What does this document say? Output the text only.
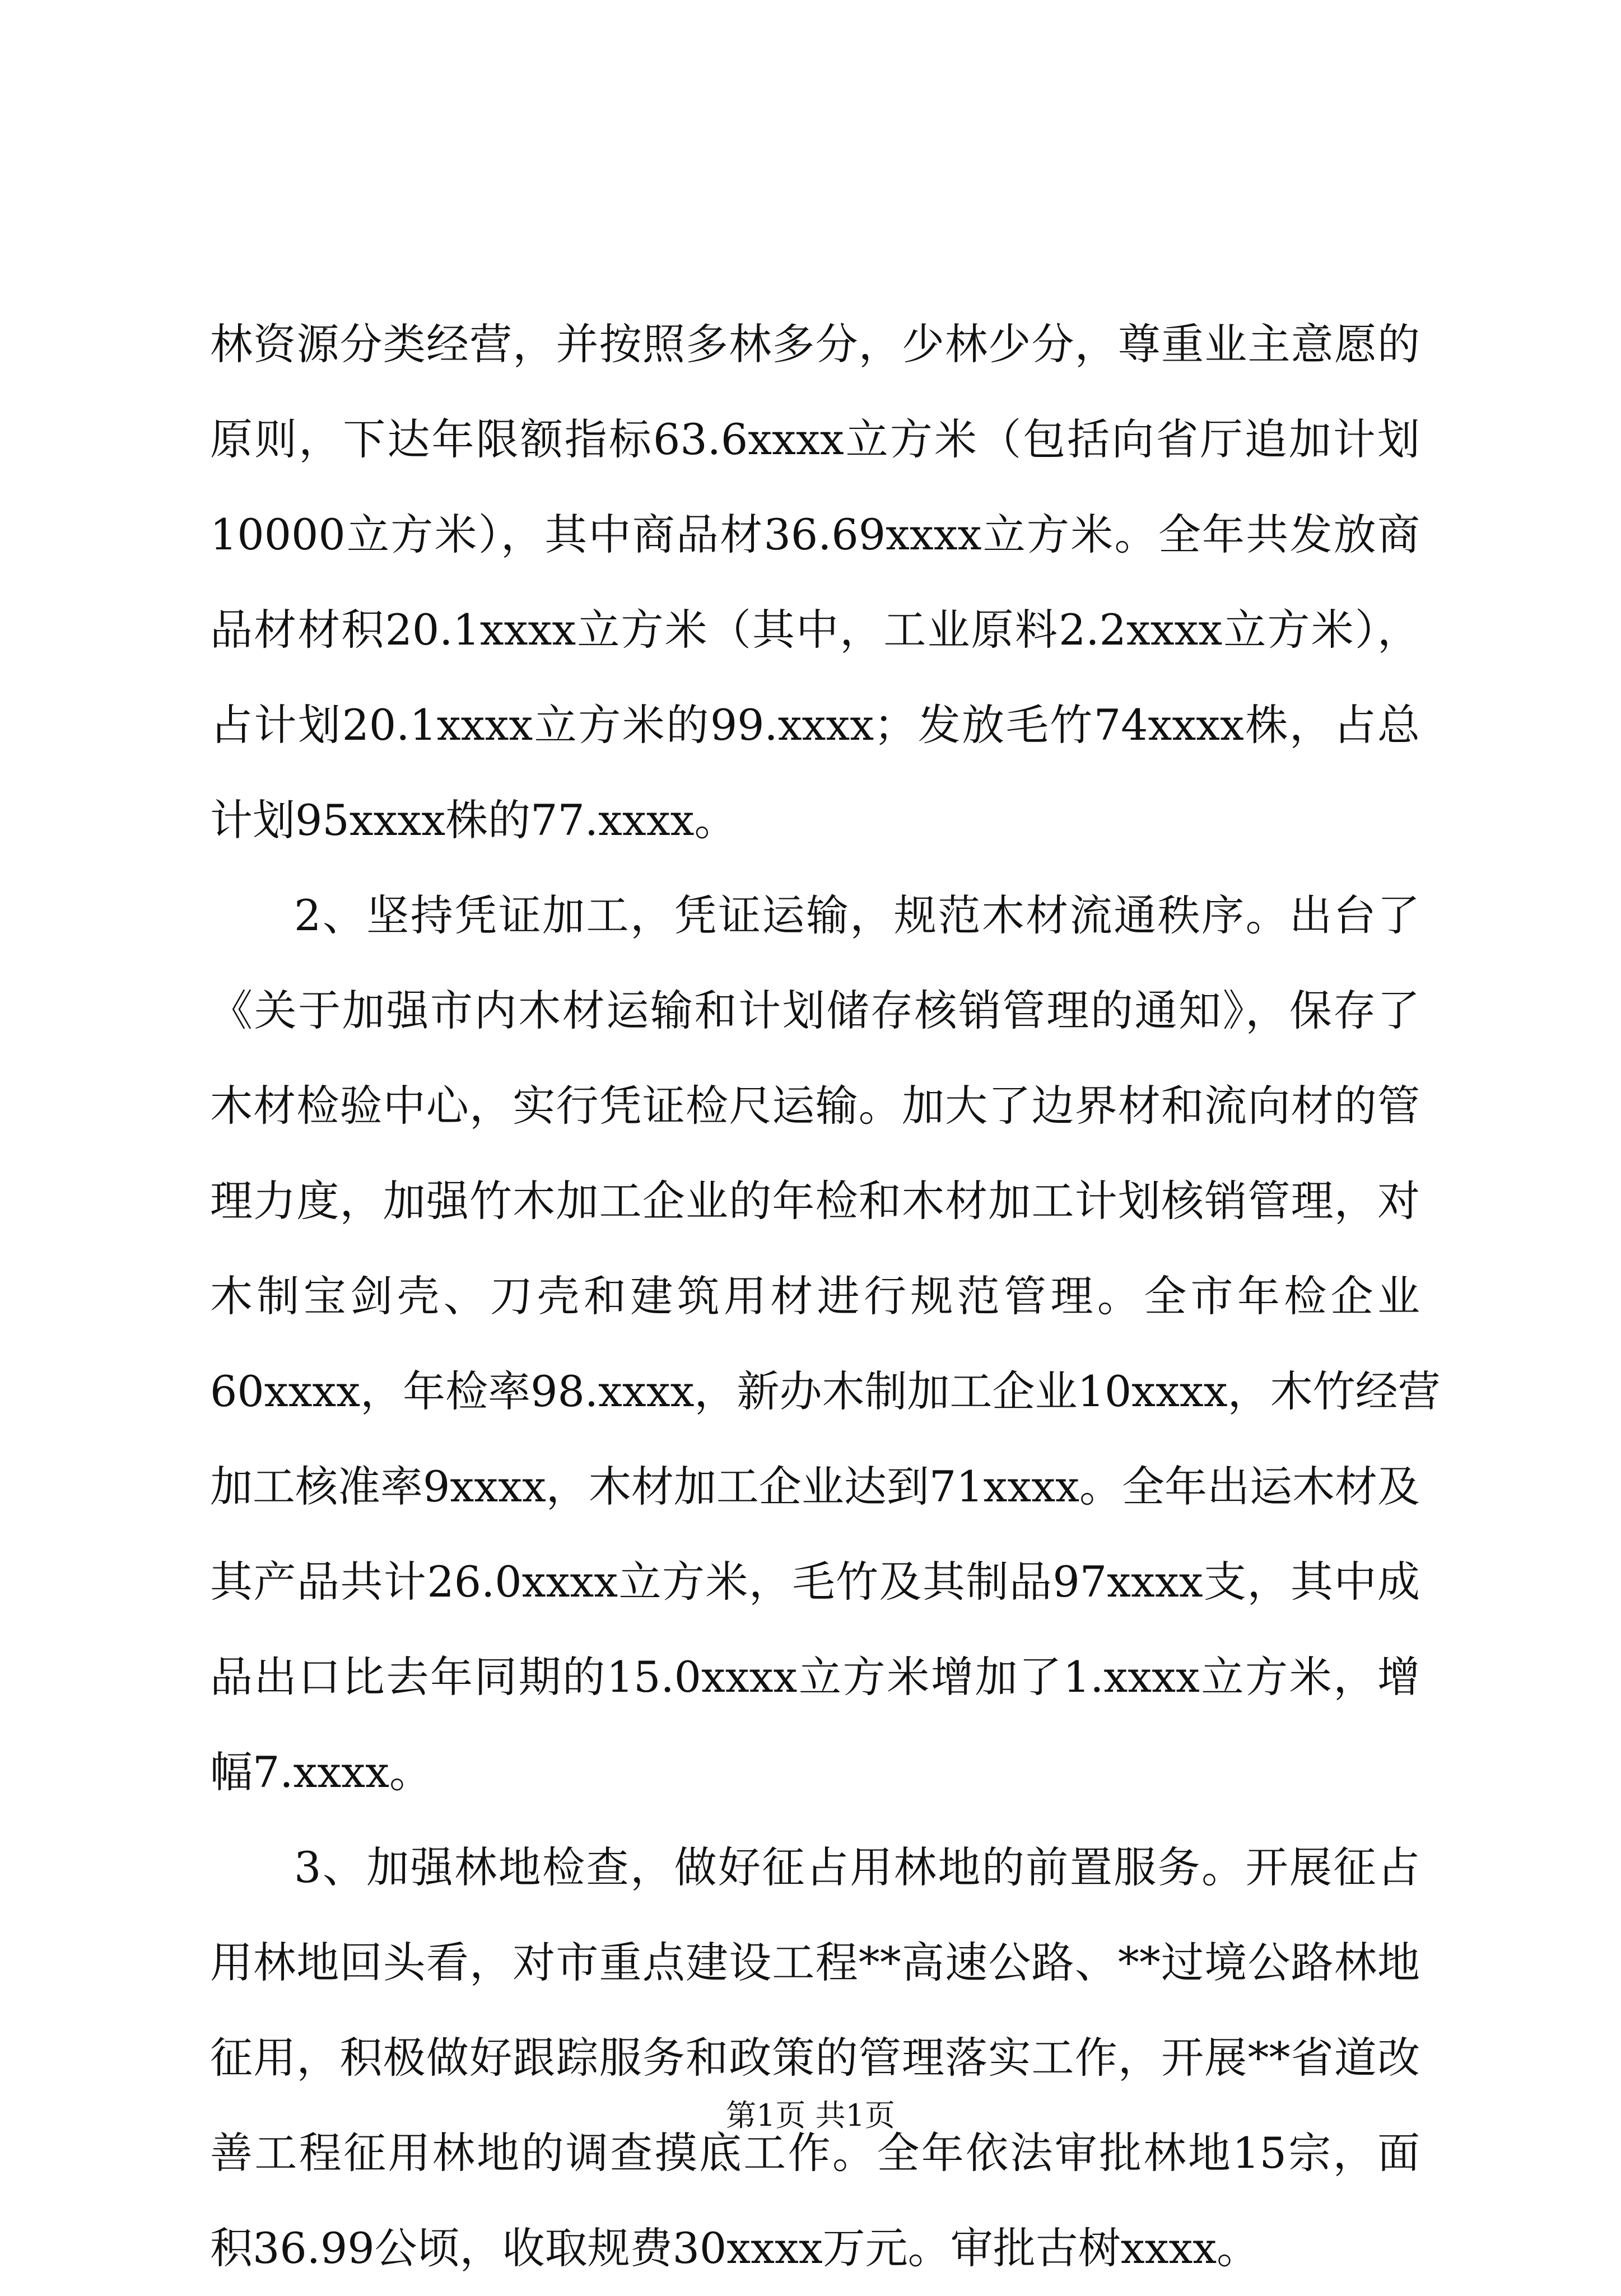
林资源分类经营，并按照多林多分，少林少分，尊重业主意愿的
原则，下达年限额指标63.6xxxx立方米（包括向省厅追加计划
10000立方米），其中商品材36.69xxxx立方米。全年共发放商
品材材积20.1xxxx立方米（其中，工业原料2.2xxxx立方米），
占计划20.1xxxx立方米的99.xxxx；发放毛竹74xxxx株，占总
计划95xxxx株的77.xxxx。
2、坚持凭证加工，凭证运输，规范木材流通秩序。出台了
《关于加强市内木材运输和计划储存核销管理的通知》，保存了
木材检验中心，实行凭证检尺运输。加大了边界材和流向材的管
理力度，加强竹木加工企业的年检和木材加工计划核销管理，对
木制宝剑壳、刀壳和建筑用材进行规范管理。全市年检企业
60xxxx，年检率98.xxxx，新办木制加工企业10xxxx，木竹经营
加工核准率9xxxx，木材加工企业达到71xxxx。全年出运木材及
其产品共计26.0xxxx立方米，毛竹及其制品97xxxx支，其中成
品出口比去年同期的15.0xxxx立方米增加了1.xxxx立方米，增
幅7.xxxx。
3、加强林地检查，做好征占用林地的前置服务。开展征占
用林地回头看，对市重点建设工程**高速公路、**过境公路林地
征用，积极做好跟踪服务和政策的管理落实工作，开展**省道改
善工程征用林地的调查摸底工作。全年依法审批林地15宗，面
积36.99公顷，收取规费30xxxx万元。审批古树xxxx。
第1页 共1页
